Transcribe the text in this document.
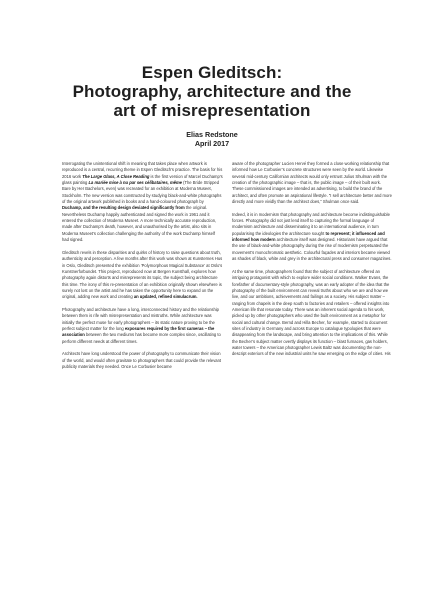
Espen Gleditsch:
Photography, architecture and the
art of misrepresentation
Elias Redstone
April 2017

Interrogating the unintentional shift in meaning that takes place when artwork is reproduced is a central, recurring theme in Espen Gleditsch’s practice. The basis for his 2016 work The Large Glass, A Close Reading is the first version of Marcel Duchamp’s glass painting La mariée mise à nu par ses célibataires, même (The Bride Stripped Bare by Her Bachelors, even) was recreated for an exhibition at Moderna Museet, Stockholm. The new version was constructed by studying black-and-white photographs of the original artwork published in books and a hand-coloured photograph by Duchamp, and the resulting design deviated significantly from the original. Nevertheless Duchamp happily authenticated and signed the work in 1961 and it entered the collection of Moderna Museet. A more technically accurate reproduction, made after Duchamp’s death, however, and unauthorised by the artist, also sits in Moderna Museet’s collection challenging the authority of the work Duchamp himself had signed.

Gleditsch revels in these disparities and quirks of history to raise questions about truth, authenticity and perception. A few months after this work was shown at Kunsternes Hus in Oslo, Gleditsch presented the exhibition ‘Polymorphous Magical Substance’ at Oslo’s Kunstnerforbundet. This project, reproduced now at Bergen Kunsthall, explores how photography again distorts and misrepresents its topic, the subject being architecture this time. The irony of this re-presentation of an exhibition originally shown elsewhere is surely not lost on the artist and he has taken the opportunity here to expand on the original, adding new work and creating an updated, refined simulacrum.

Photography and architecture have a long, interconnected history and the relationship between them is rife with misrepresentation and mistruths. While architecture was initially the perfect muse for early photographers – its static nature proving to be the perfect subject matter for the long exposures required by the first cameras – the association between the two mediums has become more complex since, oscillating to perform different needs at different times.

Architects have long understood the power of photography to communicate their vision of the world, and would often gravitate to photographers that could provide the relevant publicity materials they needed. Once Le Corbusier became

aware of the photographer Lucien Hervé they formed a close working relationship that informed how Le Corbusier’s concrete structures were seen by the world. Likewise several mid-century Californian architects would only entrust Julius Shulman with the creation of the photographic image – that is, the public image – of their built work. These commissioned images are intended as advertising, to build the brand of the architect, and often promote an aspirational lifestyle. “I sell architecture better and more directly and more vividly than the architect does,” Shulman once said.

Indeed, it is in modernism that photography and architecture become indistinguishable forces. Photography did not just lend itself to capturing the formal language of modernism architecture and disseminating it to an international audience, in turn popularising the ideologies the architecture sought to represent; it influenced and informed how modern architecture itself was designed. Historians have argued that the use of black-and-white photography during the rise of modernism perpetuated the movement’s monochromatic aesthetic. Colourful façades and interiors became viewed as shades of black, white and grey in the architectural press and consumer magazines.

At the same time, photographers found that the subject of architecture offered an intriguing protagonist with which to explore wider social conditions. Walker Evans, the forefather of documentary-style photography, was an early adopter of the idea that the photography of the built environment can reveal truths about who we are and how we live, and our ambitions, achievements and failings as a society. His subject matter – ranging from chapels in the deep south to factories and retailers – offered insights into American life that resonate today. There was an inherent social agenda to his work, picked up by other photographers who used the built environment as a metaphor for social and cultural change. Bernd and Hilla Becher, for example, started to document sites of industry in Germany and across Europe to catalogue typologies that were disappearing from the landscape, and bring attention to the implications of this. While the Becher’s subject matter overtly displays its function – blast furnaces, gas holders, water towers – the American photographer Lewis Baltz was documenting the non-descript exteriors of the new industrial units he saw emerging on the edge of cities. His
